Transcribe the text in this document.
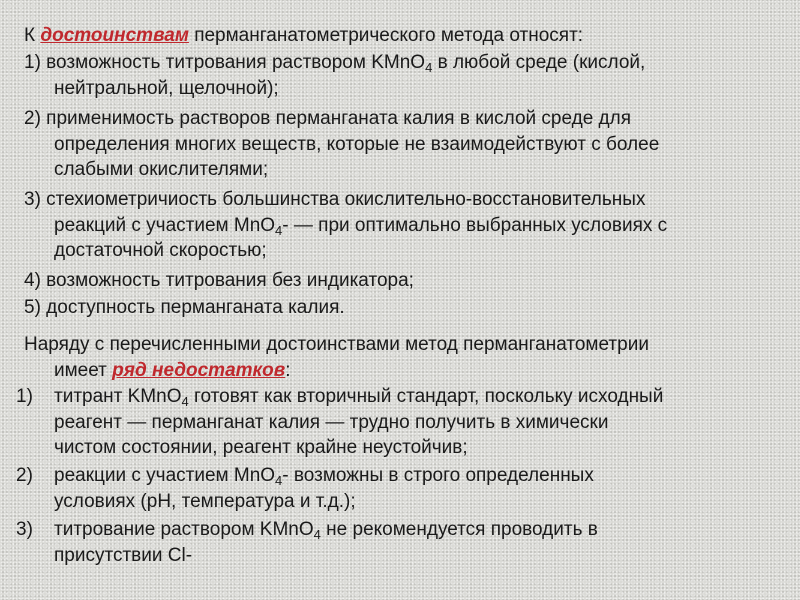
К достоинствам перманганатометрического метода относят:
1) возможность титрования раствором KMnO$_4$ в любой среде (кислой,
нейтральной, щелочной);
2) применимость растворов перманганата калия в кислой среде для
определения многих веществ, которые не взаимодействуют с более
слабыми окислителями;
3) стехиометричиость большинства окислительно-восстановительных
реакций с участием MnO$_4$- — при оптимально выбранных условиях с
достаточной скоростью;
4) возможность титрования без индикатора;
5) доступность перманганата калия.
Наряду с перечисленными достоинствами метод перманганатометрии
имеет ряд недостатков:
1) титрант KMnO$_4$ готовят как вторичный стандарт, поскольку исходный
реагент — перманганат калия — трудно получить в химически
чистом состоянии, реагент крайне неустойчив;
2) реакции с участием MnO$_4$- возможны в строго определенных
условиях (pH, температура и т.д.);
3) титрование раствором KMnO$_4$ не рекомендуется проводить в
присутствии Cl-
